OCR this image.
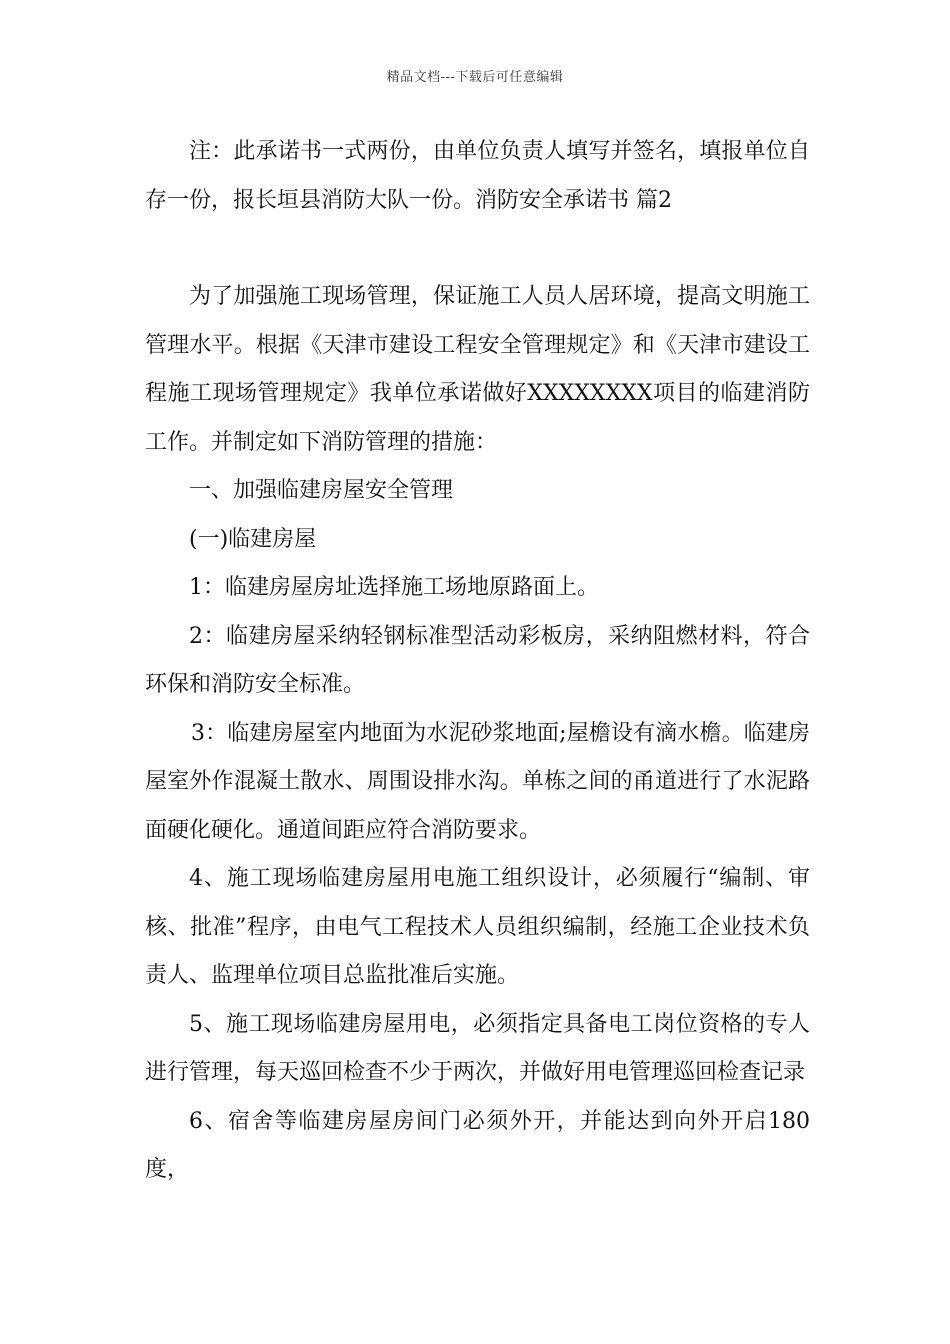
精品文档---下载后可任意编辑

注：此承诺书一式两份，由单位负责人填写并签名，填报单位自存一份，报长垣县消防大队一份。消防安全承诺书 篇2

为了加强施工现场管理，保证施工人员人居环境，提高文明施工管理水平。根据《天津市建设工程安全管理规定》和《天津市建设工程施工现场管理规定》我单位承诺做好XXXXXXXX项目的临建消防工作。并制定如下消防管理的措施：

一、加强临建房屋安全管理

(一)临建房屋

1：临建房屋房址选择施工场地原路面上。

2：临建房屋采纳轻钢标准型活动彩板房，采纳阻燃材料，符合环保和消防安全标准。

3：临建房屋室内地面为水泥砂浆地面;屋檐设有滴水檐。临建房屋室外作混凝土散水、周围设排水沟。单栋之间的甬道进行了水泥路面硬化硬化。通道间距应符合消防要求。

4、施工现场临建房屋用电施工组织设计，必须履行“编制、审核、批准”程序，由电气工程技术人员组织编制，经施工企业技术负责人、监理单位项目总监批准后实施。

5、施工现场临建房屋用电，必须指定具备电工岗位资格的专人进行管理，每天巡回检查不少于两次，并做好用电管理巡回检查记录

6、宿舍等临建房屋房间门必须外开，并能达到向外开启180度，
